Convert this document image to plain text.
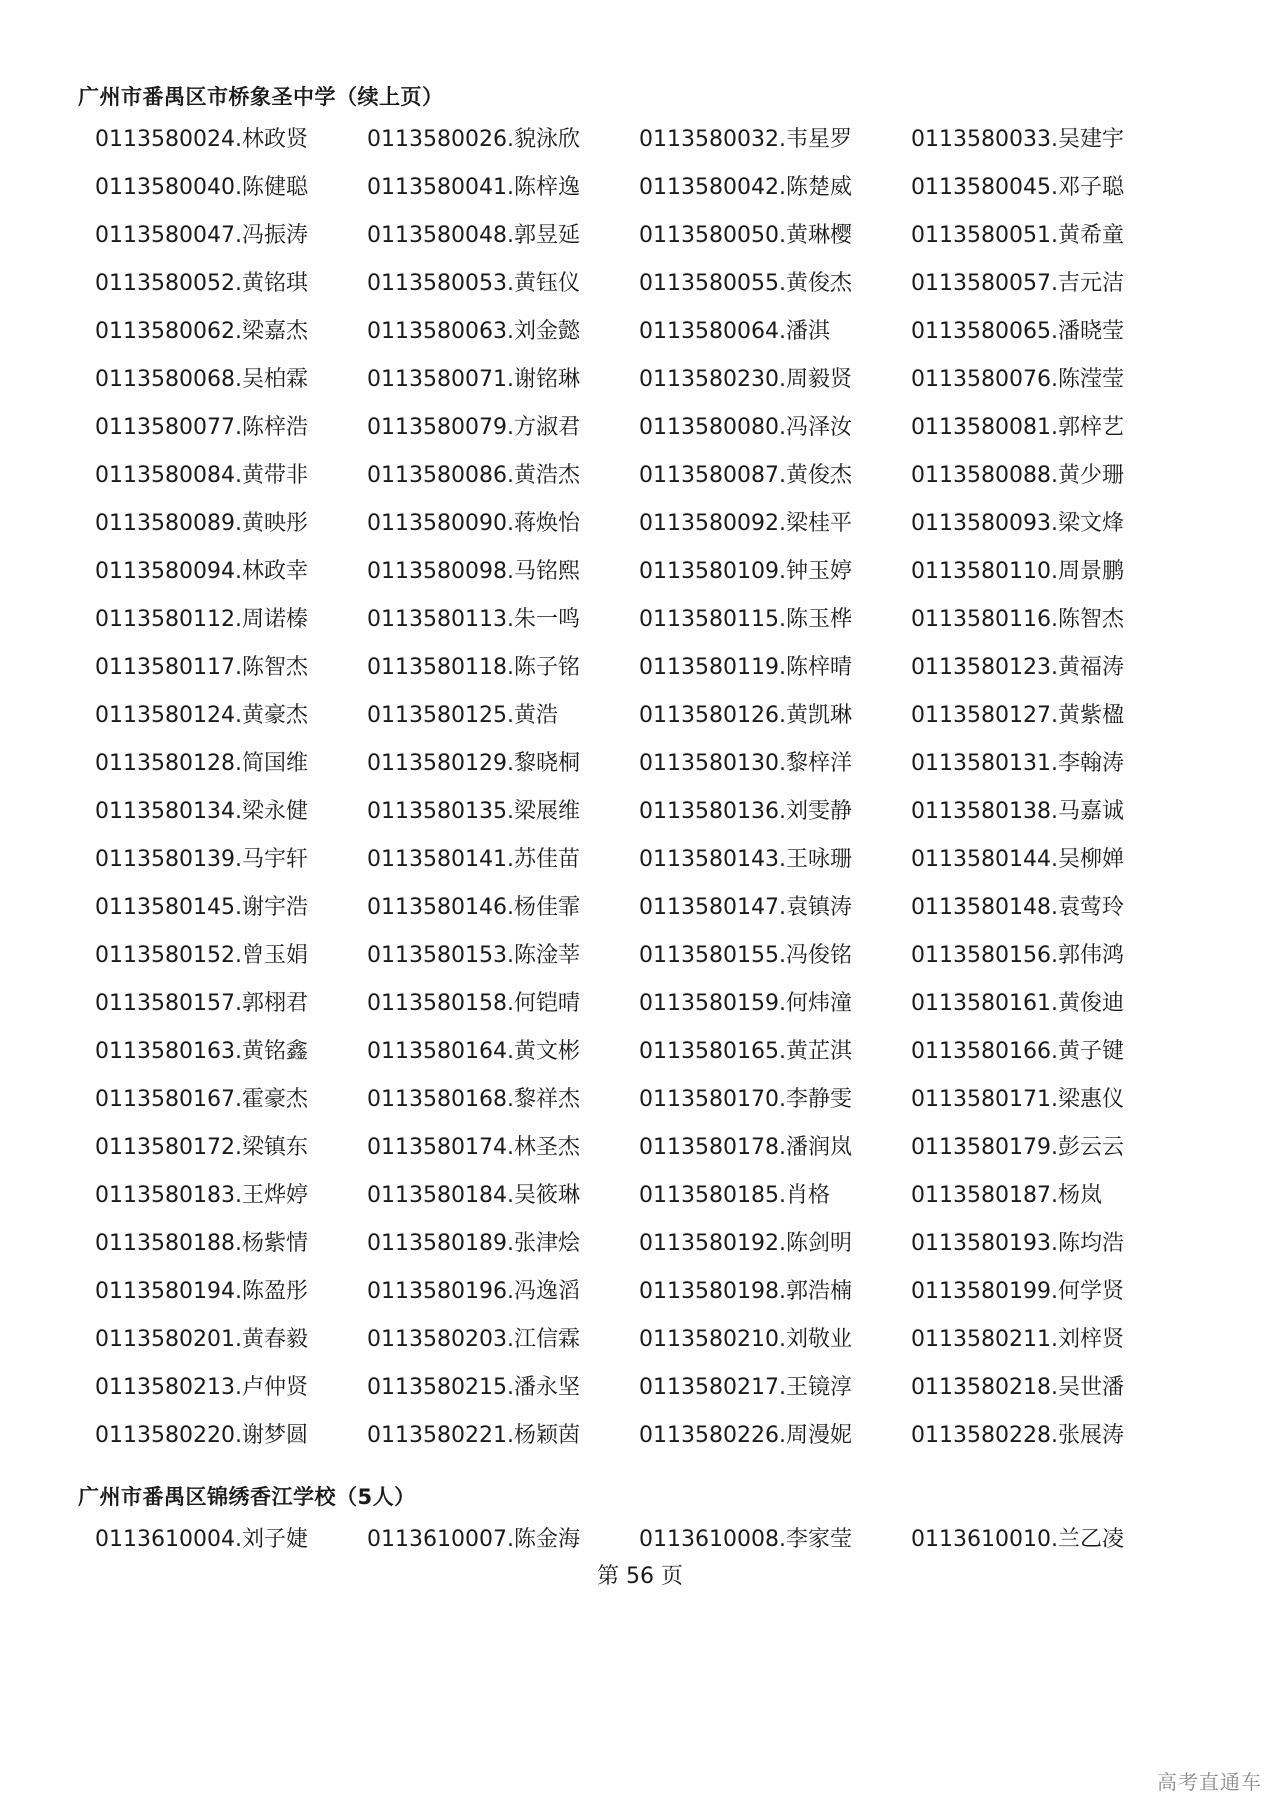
广州市番禺区市桥象圣中学（续上页）
0113580024.林政贤	0113580026.貌泳欣	0113580032.韦星罗	0113580033.吴建宇
0113580040.陈健聪	0113580041.陈梓逸	0113580042.陈楚威	0113580045.邓子聪
0113580047.冯振涛	0113580048.郭昱延	0113580050.黄琳樱	0113580051.黄希童
0113580052.黄铭琪	0113580053.黄钰仪	0113580055.黄俊杰	0113580057.吉元洁
0113580062.梁嘉杰	0113580063.刘金懿	0113580064.潘淇	0113580065.潘晓莹
0113580068.吴柏霖	0113580071.谢铭琳	0113580230.周毅贤	0113580076.陈滢莹
0113580077.陈梓浩	0113580079.方淑君	0113580080.冯泽汝	0113580081.郭梓艺
0113580084.黄带非	0113580086.黄浩杰	0113580087.黄俊杰	0113580088.黄少珊
0113580089.黄映彤	0113580090.蒋焕怡	0113580092.梁桂平	0113580093.梁文烽
0113580094.林政幸	0113580098.马铭熙	0113580109.钟玉婷	0113580110.周景鹏
0113580112.周诺榛	0113580113.朱一鸣	0113580115.陈玉桦	0113580116.陈智杰
0113580117.陈智杰	0113580118.陈子铭	0113580119.陈梓晴	0113580123.黄福涛
0113580124.黄豪杰	0113580125.黄浩	0113580126.黄凯琳	0113580127.黄紫楹
0113580128.简国维	0113580129.黎晓桐	0113580130.黎梓洋	0113580131.李翰涛
0113580134.梁永健	0113580135.梁展维	0113580136.刘雯静	0113580138.马嘉诚
0113580139.马宇轩	0113580141.苏佳苗	0113580143.王咏珊	0113580144.吴柳婵
0113580145.谢宇浩	0113580146.杨佳霏	0113580147.袁镇涛	0113580148.袁莺玲
0113580152.曾玉娟	0113580153.陈淦莘	0113580155.冯俊铭	0113580156.郭伟鸿
0113580157.郭栩君	0113580158.何铠晴	0113580159.何炜潼	0113580161.黄俊迪
0113580163.黄铭鑫	0113580164.黄文彬	0113580165.黄芷淇	0113580166.黄子键
0113580167.霍豪杰	0113580168.黎祥杰	0113580170.李静雯	0113580171.梁惠仪
0113580172.梁镇东	0113580174.林圣杰	0113580178.潘润岚	0113580179.彭云云
0113580183.王烨婷	0113580184.吴筱琳	0113580185.肖格	0113580187.杨岚
0113580188.杨紫情	0113580189.张津烩	0113580192.陈剑明	0113580193.陈均浩
0113580194.陈盈彤	0113580196.冯逸滔	0113580198.郭浩楠	0113580199.何学贤
0113580201.黄春毅	0113580203.江信霖	0113580210.刘敬业	0113580211.刘梓贤
0113580213.卢仲贤	0113580215.潘永坚	0113580217.王镜淳	0113580218.吴世潘
0113580220.谢梦圆	0113580221.杨颖茵	0113580226.周漫妮	0113580228.张展涛
广州市番禺区锦绣香江学校（5人）
0113610004.刘子婕	0113610007.陈金海	0113610008.李家莹	0113610010.兰乙凌
第 56 页
高考直通车
